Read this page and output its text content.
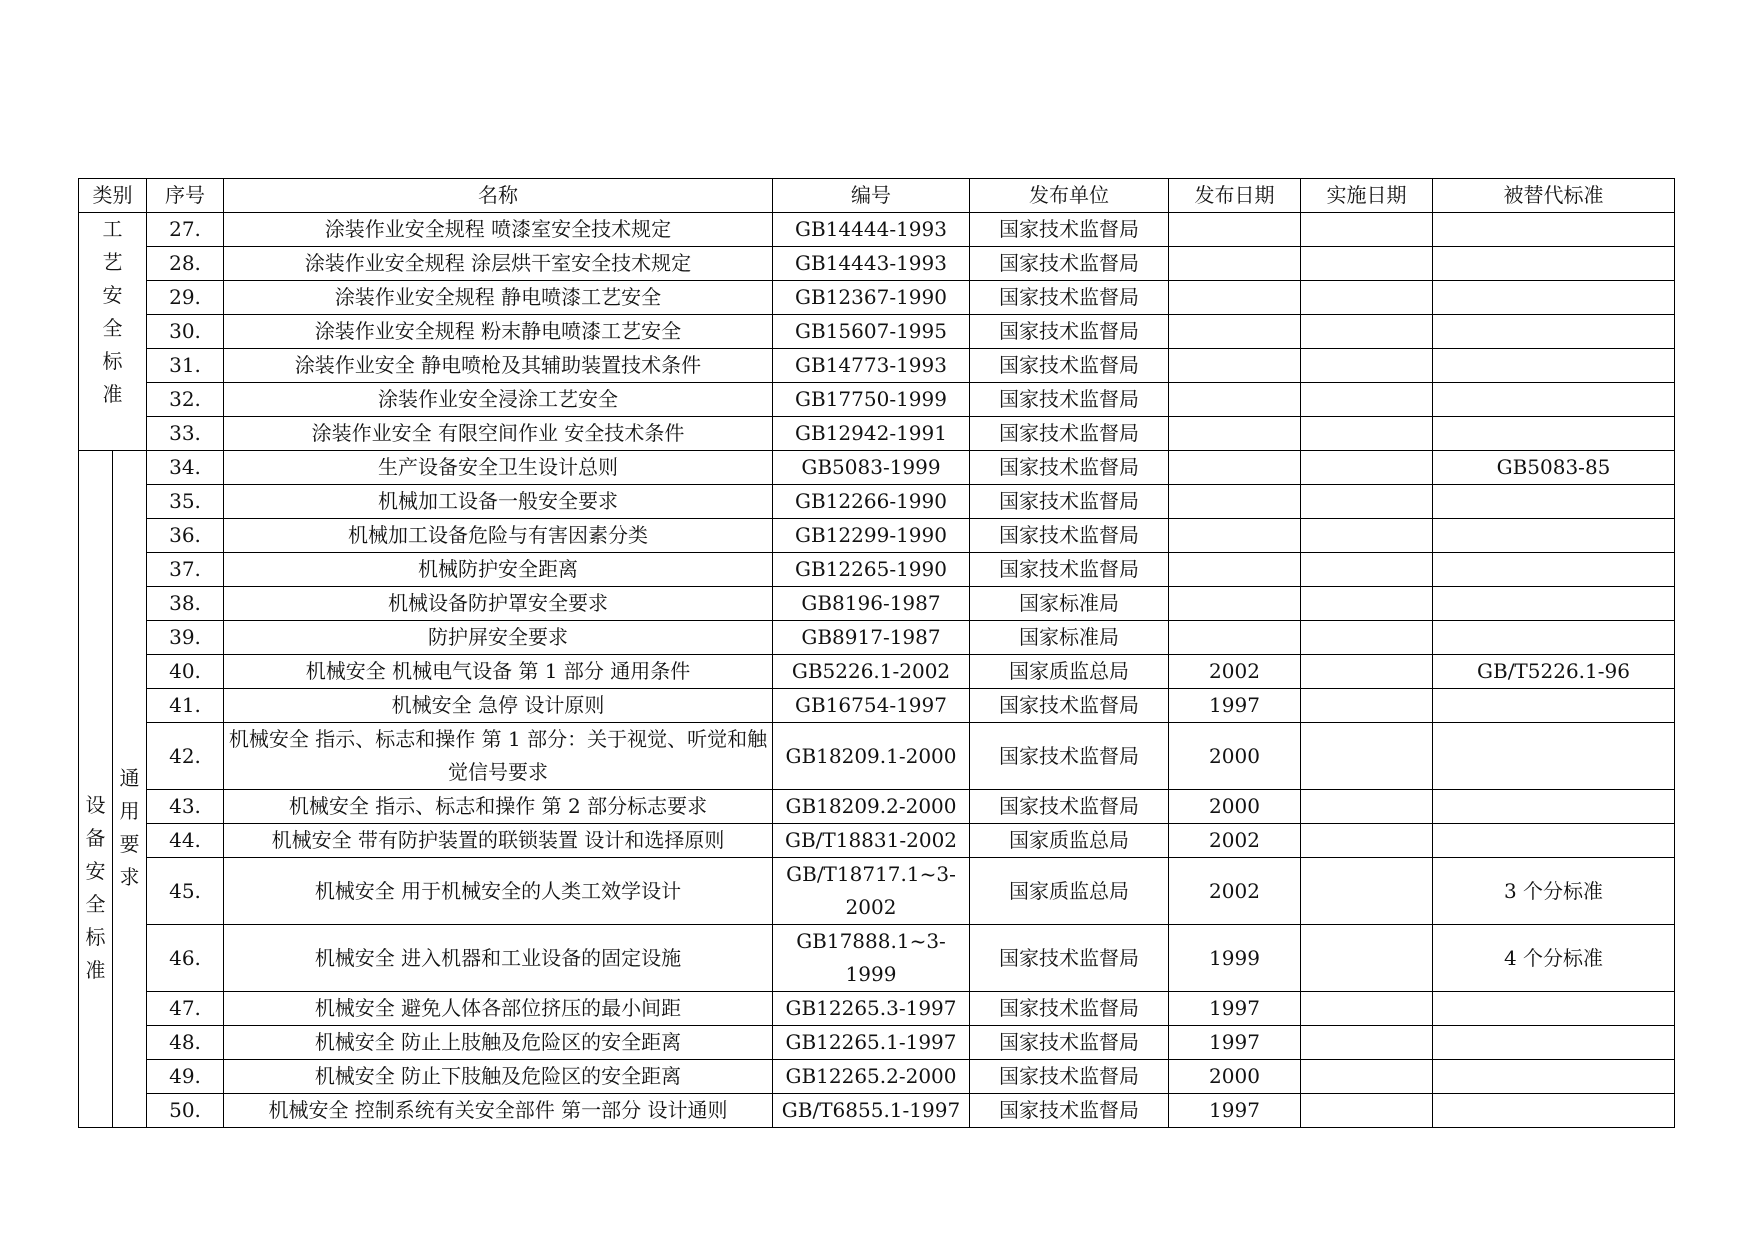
类别		序号	名称	编号	发布单位	发布日期	实施日期	被替代标准

工艺安全标准		27.	涂装作业安全规程 喷漆室安全技术规定	GB14444-1993	国家技术监督局			
		28.	涂装作业安全规程 涂层烘干室安全技术规定	GB14443-1993	国家技术监督局			
		29.	涂装作业安全规程 静电喷漆工艺安全	GB12367-1990	国家技术监督局			
		30.	涂装作业安全规程 粉末静电喷漆工艺安全	GB15607-1995	国家技术监督局			
		31.	涂装作业安全 静电喷枪及其辅助装置技术条件	GB14773-1993	国家技术监督局			
		32.	涂装作业安全浸涂工艺安全	GB17750-1999	国家技术监督局			
		33.	涂装作业安全 有限空间作业 安全技术条件	GB12942-1991	国家技术监督局			

设备安全标准	通用要求	34.	生产设备安全卫生设计总则	GB5083-1999	国家技术监督局			GB5083-85
		35.	机械加工设备一般安全要求	GB12266-1990	国家技术监督局			
		36.	机械加工设备危险与有害因素分类	GB12299-1990	国家技术监督局			
		37.	机械防护安全距离	GB12265-1990	国家技术监督局			
		38.	机械设备防护罩安全要求	GB8196-1987	国家标准局			
		39.	防护屏安全要求	GB8917-1987	国家标准局			
		40.	机械安全 机械电气设备 第 1 部分 通用条件	GB5226.1-2002	国家质监总局	2002		GB/T5226.1-96
		41.	机械安全 急停 设计原则	GB16754-1997	国家技术监督局	1997		
		42.	机械安全 指示、标志和操作 第 1 部分：关于视觉、听觉和触觉信号要求	GB18209.1-2000	国家技术监督局	2000		
		43.	机械安全 指示、标志和操作 第 2 部分标志要求	GB18209.2-2000	国家技术监督局	2000		
		44.	机械安全 带有防护装置的联锁装置 设计和选择原则	GB/T18831-2002	国家质监总局	2002		
		45.	机械安全 用于机械安全的人类工效学设计	GB/T18717.1~3-2002	国家质监总局	2002		3 个分标准
		46.	机械安全 进入机器和工业设备的固定设施	GB17888.1~3-1999	国家技术监督局	1999		4 个分标准
		47.	机械安全 避免人体各部位挤压的最小间距	GB12265.3-1997	国家技术监督局	1997		
		48.	机械安全 防止上肢触及危险区的安全距离	GB12265.1-1997	国家技术监督局	1997		
		49.	机械安全 防止下肢触及危险区的安全距离	GB12265.2-2000	国家技术监督局	2000		
		50.	机械安全 控制系统有关安全部件 第一部分 设计通则	GB/T6855.1-1997	国家技术监督局	1997		
